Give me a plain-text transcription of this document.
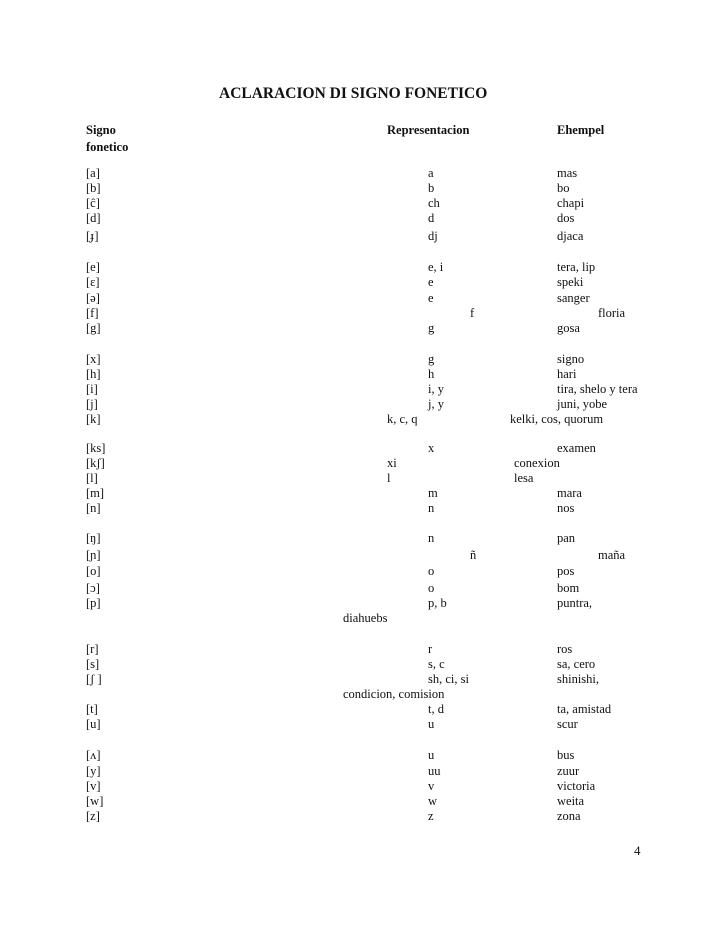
ACLARACION DI SIGNO FONETICO
Signo
fonetico
Representacion	Ehempel
[a]	a	mas
[b]	b	bo
[ĉ]	ch	chapi
[d]	d	dos
[ɟ]	dj	djaca
[e]	e, i	tera, lip
[ɛ]	e	speki
[ə]	e	sanger
[f]	f	floria
[g]	g	gosa
[x]	g	signo
[h]	h	hari
[i]	i, y	tira, shelo y tera
[j]	j, y	juni, yobe
[k]	k, c, q	kelki, cos, quorum
[ks]	x	examen
[kʃ]	xi	conexion
[l]	l	lesa
[m]	m	mara
[n]	n	nos
[ŋ]	n	pan
[ɲ]	ñ	maña
[o]	o	pos
[ɔ]	o	bom
[p]	p, b	puntra,
diahuebs
[r]	r	ros
[s]	s, c	sa, cero
[ʃ ]	sh, ci, si	shinishi,
condicion, comision
[t]	t, d	ta, amistad
[u]	u	scur
[ʌ]	u	bus
[y]	uu	zuur
[v]	v	victoria
[w]	w	weita
[z]	z	zona
4
